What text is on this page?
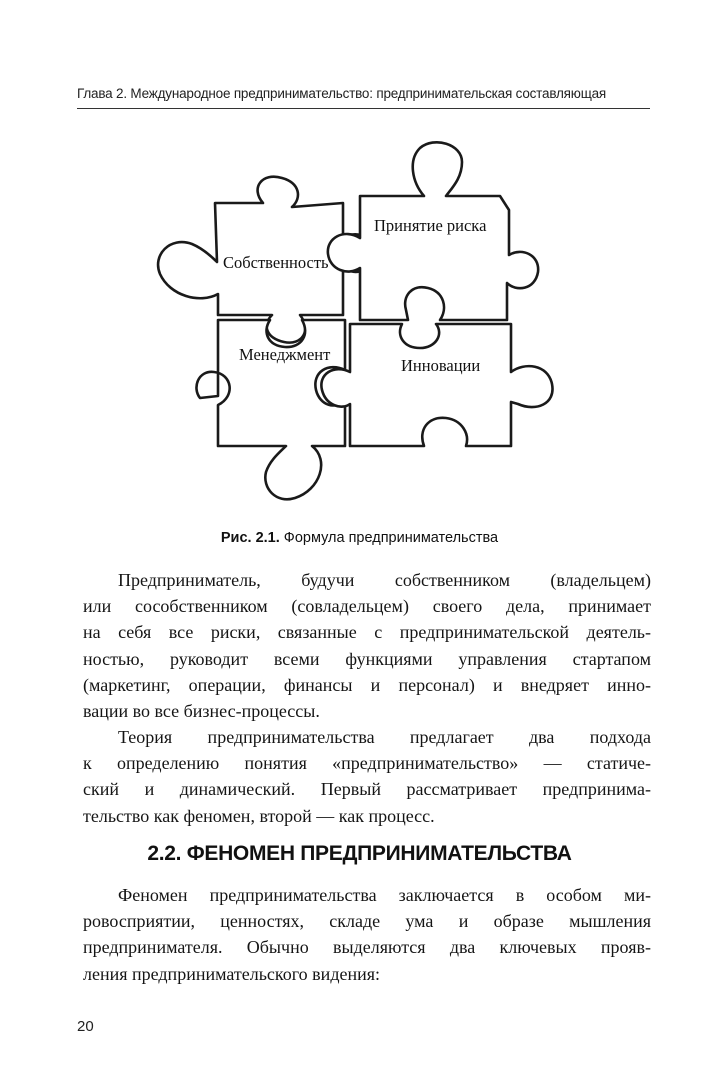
Глава 2. Международное предпринимательство: предпринимательская составляющая
Собственность
Принятие риска
Менеджмент
Инновации
Рис. 2.1. Формула предпринимательства
Предприниматель, будучи собственником (владельцем)
или сособственником (совладельцем) своего дела, принимает
на себя все риски, связанные с предпринимательской деятель-
ностью, руководит всеми функциями управления стартапом
(маркетинг, операции, финансы и персонал) и внедряет инно-
вации во все бизнес-процессы.
Теория предпринимательства предлагает два подхода
к определению понятия «предпринимательство» — статиче-
ский и динамический. Первый рассматривает предпринима-
тельство как феномен, второй — как процесс.
2.2. ФЕНОМЕН ПРЕДПРИНИМАТЕЛЬСТВА
Феномен предпринимательства заключается в особом ми-
ровосприятии, ценностях, складе ума и образе мышления
предпринимателя. Обычно выделяются два ключевых прояв-
ления предпринимательского видения:
20
